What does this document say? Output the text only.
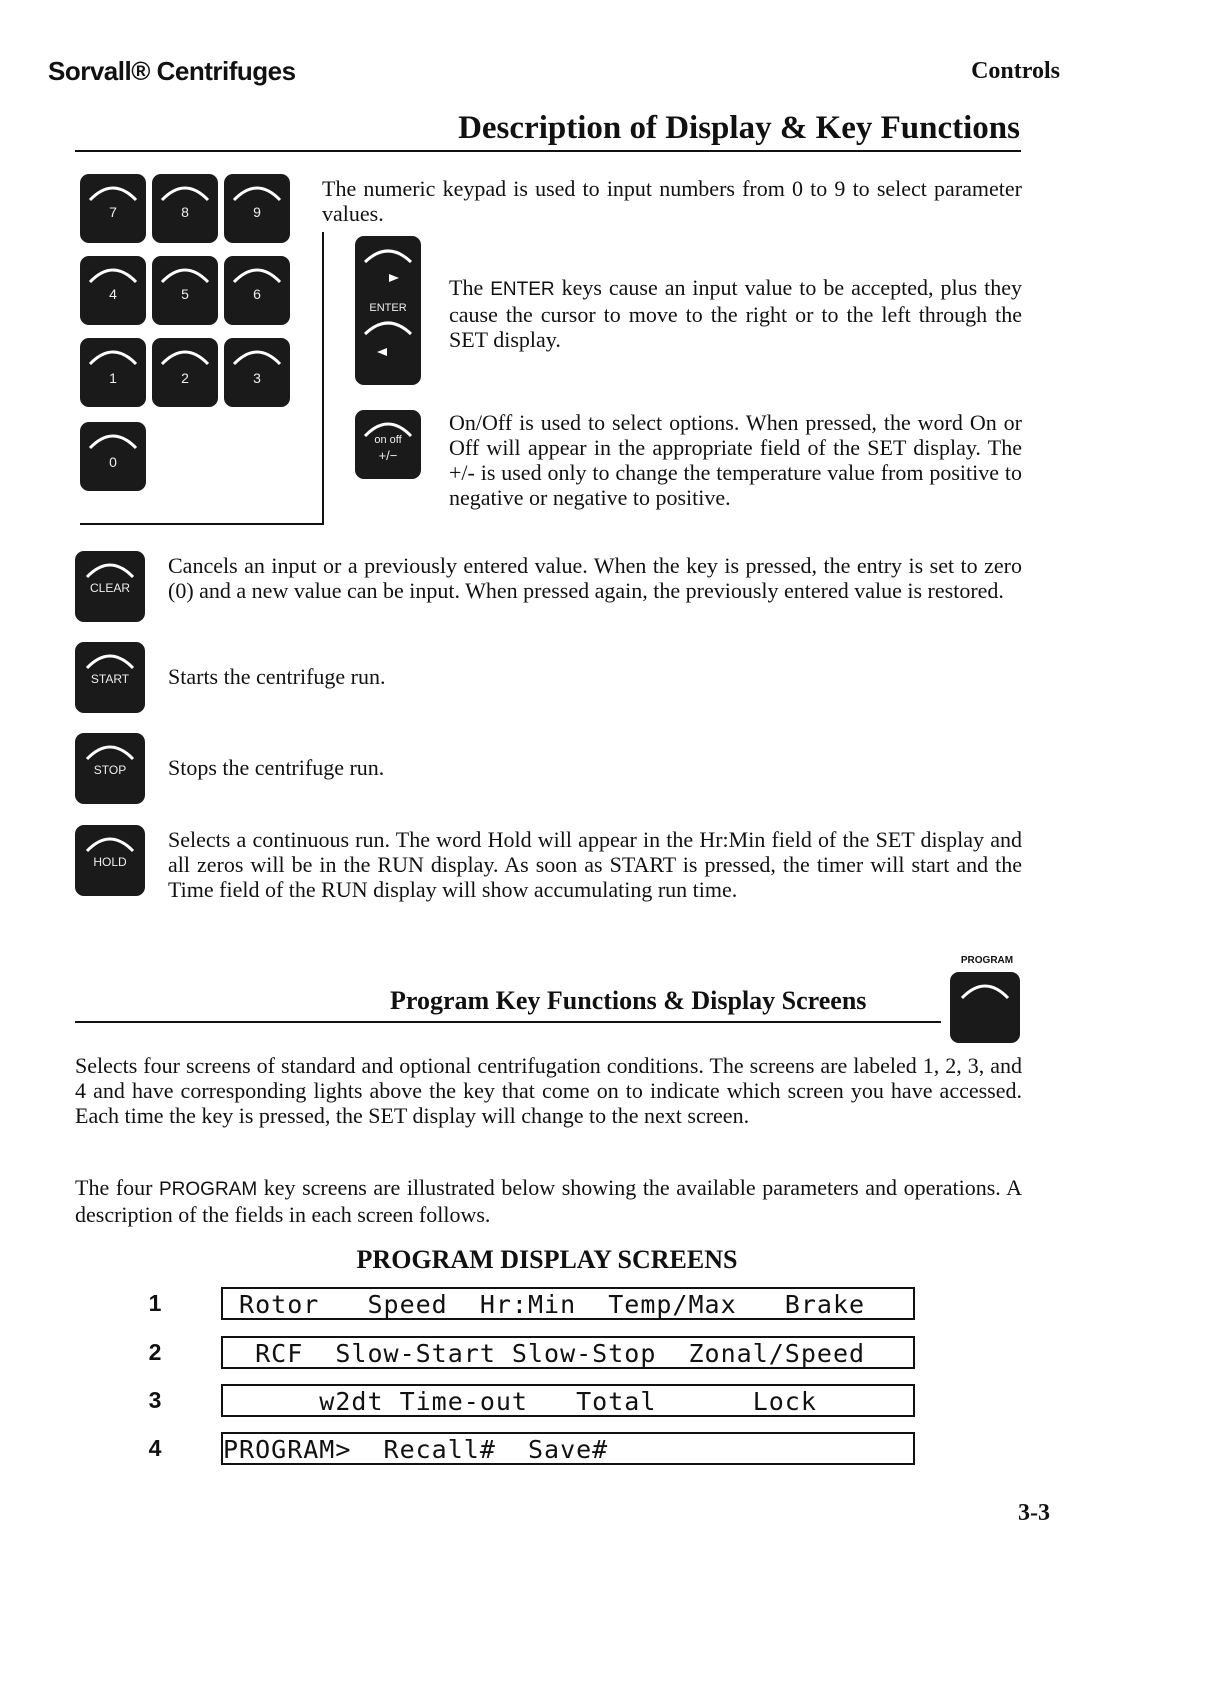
Sorvall® Centrifuges	Controls
Description of Display & Key Functions
7	8	9
4	5	6
1	2	3
0
The numeric keypad is used to input numbers from 0 to 9 to select parameter values.
ENTER
The ENTER keys cause an input value to be accepted, plus they cause the cursor to move to the right or to the left through the SET display.
on off
+/−
On/Off is used to select options. When pressed, the word On or Off will appear in the appropriate field of the SET display. The +/- is used only to change the temperature value from positive to negative or negative to positive.
CLEAR
Cancels an input or a previously entered value. When the key is pressed, the entry is set to zero (0) and a new value can be input. When pressed again, the previously entered value is restored.
START	Starts the centrifuge run.
STOP	Stops the centrifuge run.
HOLD
Selects a continuous run. The word Hold will appear in the Hr:Min field of the SET display and all zeros will be in the RUN display. As soon as START is pressed, the timer will start and the Time field of the RUN display will show accumulating run time.
PROGRAM
Program Key Functions & Display Screens
Selects four screens of standard and optional centrifugation conditions. The screens are labeled 1, 2, 3, and 4 and have corresponding lights above the key that come on to indicate which screen you have accessed. Each time the key is pressed, the SET display will change to the next screen.
The four PROGRAM key screens are illustrated below showing the available parameters and operations. A description of the fields in each screen follows.
PROGRAM DISPLAY SCREENS
1	Rotor   Speed  Hr:Min  Temp/Max   Brake
2	RCF  Slow-Start Slow-Stop  Zonal/Speed
3	w2dt Time-out   Total      Lock
4	PROGRAM>  Recall#  Save#
3-3
